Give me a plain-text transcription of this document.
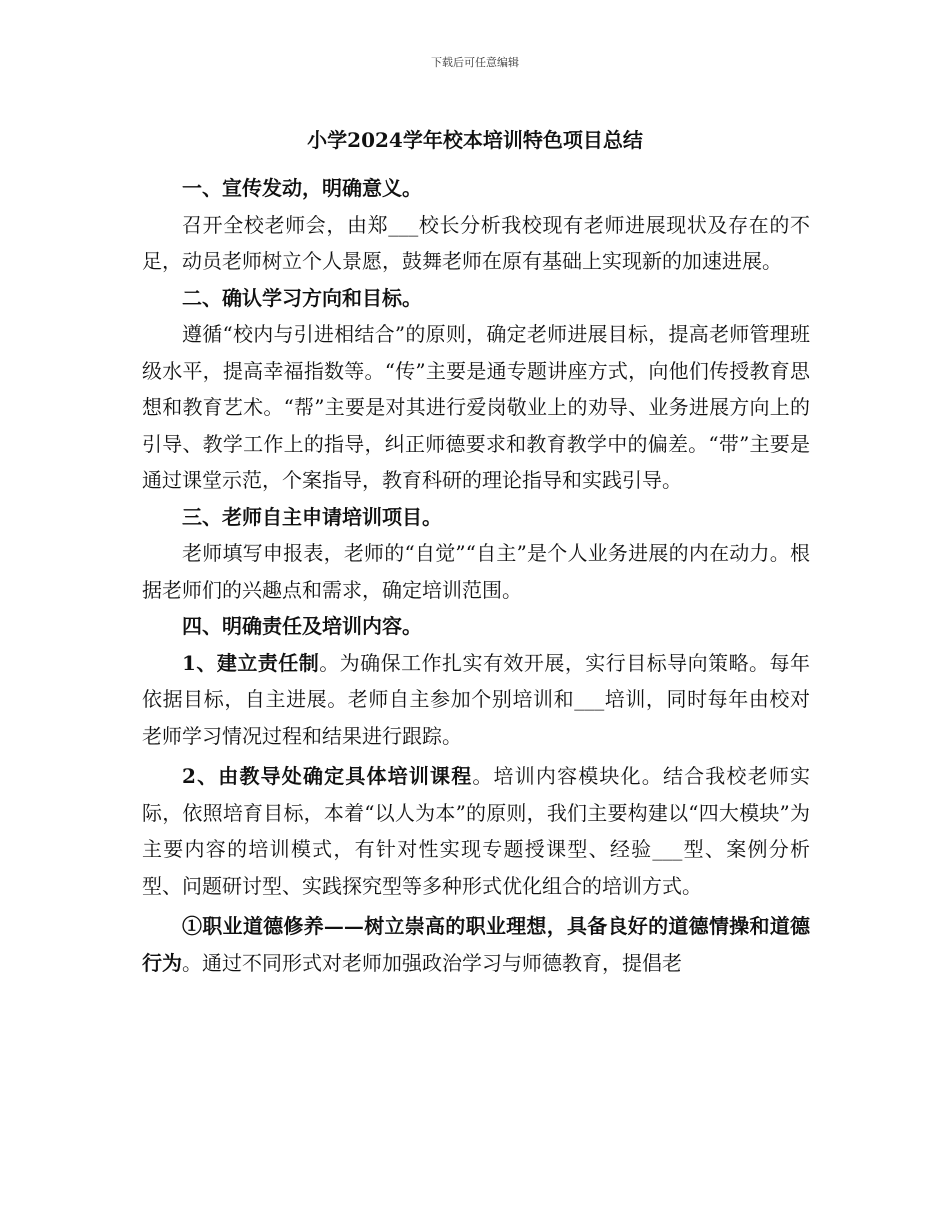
下载后可任意编辑
小学2024学年校本培训特色项目总结

一、宣传发动，明确意义。

召开全校老师会，由郑___校长分析我校现有老师进展现状及存在的不足，动员老师树立个人景愿，鼓舞老师在原有基础上实现新的加速进展。

二、确认学习方向和目标。

遵循“校内与引进相结合”的原则，确定老师进展目标，提高老师管理班级水平，提高幸福指数等。“传”主要是通专题讲座方式，向他们传授教育思想和教育艺术。“帮”主要是对其进行爱岗敬业上的劝导、业务进展方向上的引导、教学工作上的指导，纠正师德要求和教育教学中的偏差。“带”主要是通过课堂示范，个案指导，教育科研的理论指导和实践引导。

三、老师自主申请培训项目。

老师填写申报表，老师的“自觉”“自主”是个人业务进展的内在动力。根据老师们的兴趣点和需求，确定培训范围。

四、明确责任及培训内容。

1、建立责任制。为确保工作扎实有效开展，实行目标导向策略。每年依据目标，自主进展。老师自主参加个别培训和___培训，同时每年由校对老师学习情况过程和结果进行跟踪。

2、由教导处确定具体培训课程。培训内容模块化。结合我校老师实际，依照培育目标，本着“以人为本”的原则，我们主要构建以“四大模块”为主要内容的培训模式，有针对性实现专题授课型、经验___型、案例分析型、问题研讨型、实践探究型等多种形式优化组合的培训方式。

①职业道德修养——树立崇高的职业理想，具备良好的道德情操和道德行为。通过不同形式对老师加强政治学习与师德教育，提倡老
